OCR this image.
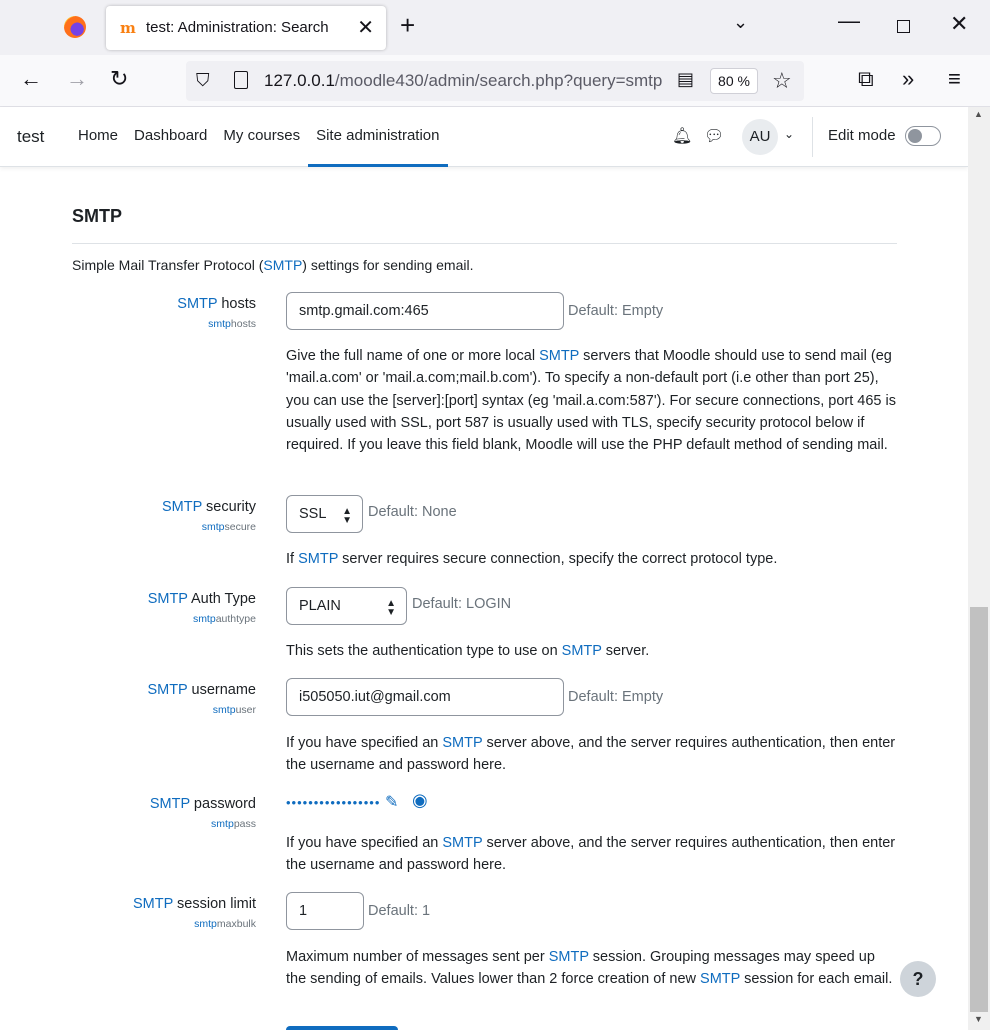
m test: Administration: Search ✕ +	⌄	—	✕
← → ↻	⛉	127.0.0.1/moodle430/admin/search.php?query=smtp ▤	80 %	☆	⧉ » ≡
test	Home	Dashboard	My courses	Site administration	🔔︎ 💬︎	AU	⌄ Edit mode
▲
▼
SMTP
Simple Mail Transfer Protocol (SMTP) settings for sending email.
SMTP hosts
smtphosts
smtp.gmail.com:465	Default: Empty
Give the full name of one or more local SMTP servers that Moodle should use to send mail (eg 'mail.a.com' or 'mail.a.com;mail.b.com'). To specify a non-default port (i.e other than port 25), you can use the [server]:[port] syntax (eg 'mail.a.com:587'). For secure connections, port 465 is usually used with SSL, port 587 is usually used with TLS, specify security protocol below if required. If you leave this field blank, Moodle will use the PHP default method of sending mail.
SMTP security
smtpsecure
SSL ▲
▼
Default: None
If SMTP server requires secure connection, specify the correct protocol type.
SMTP Auth Type
smtpauthtype
PLAIN	▲
▼
Default: LOGIN
This sets the authentication type to use on SMTP server.
SMTP username
smtpuser
i505050.iut@gmail.com	Default: Empty
If you have specified an SMTP server above, and the server requires authentication, then enter the username and password here.
SMTP password
smtppass
••••••••••••••••• ✎ ◉
If you have specified an SMTP server above, and the server requires authentication, then enter the username and password here.
SMTP session limit
smtpmaxbulk
1	Default: 1
Maximum number of messages sent per SMTP session. Grouping messages may speed up the sending of emails. Values lower than 2 force creation of new SMTP session for each email.	?
